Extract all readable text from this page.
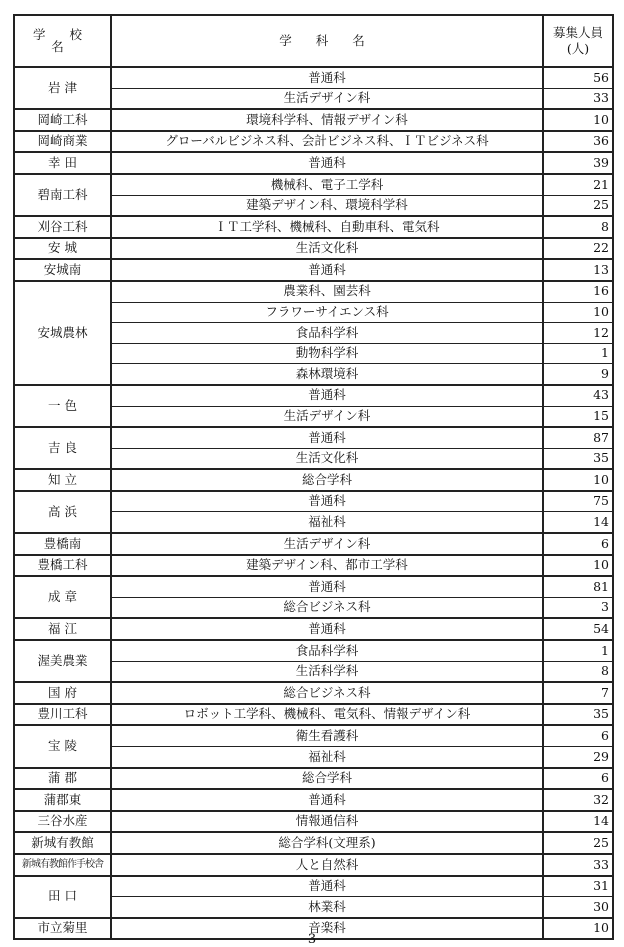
学 校 名	学 科 名	募集人員
(人)
岩 津	普通科	56
	生活デザイン科	33
岡崎工科	環境科学科、情報デザイン科	10
岡崎商業	グローバルビジネス科、会計ビジネス科、ＩＴビジネス科	36
幸 田	普通科	39
碧南工科	機械科、電子工学科	21
	建築デザイン科、環境科学科	25
刈谷工科	ＩＴ工学科、機械科、自動車科、電気科	8
安 城	生活文化科	22
安城南	普通科	13
安城農林	農業科、園芸科	16
	フラワーサイエンス科	10
	食品科学科	12
	動物科学科	1
	森林環境科	9
一 色	普通科	43
	生活デザイン科	15
吉 良	普通科	87
	生活文化科	35
知 立	総合学科	10
高 浜	普通科	75
	福祉科	14
豊橋南	生活デザイン科	6
豊橋工科	建築デザイン科、都市工学科	10
成 章	普通科	81
	総合ビジネス科	3
福 江	普通科	54
渥美農業	食品科学科	1
	生活科学科	8
国 府	総合ビジネス科	7
豊川工科	ロボット工学科、機械科、電気科、情報デザイン科	35
宝 陵	衛生看護科	6
	福祉科	29
蒲 郡	総合学科	6
蒲郡東	普通科	32
三谷水産	情報通信科	14
新城有教館	総合学科(文理系)	25
新城有教館作手校舎	人と自然科	33
田 口	普通科	31
	林業科	30
市立菊里	音楽科	10
3
